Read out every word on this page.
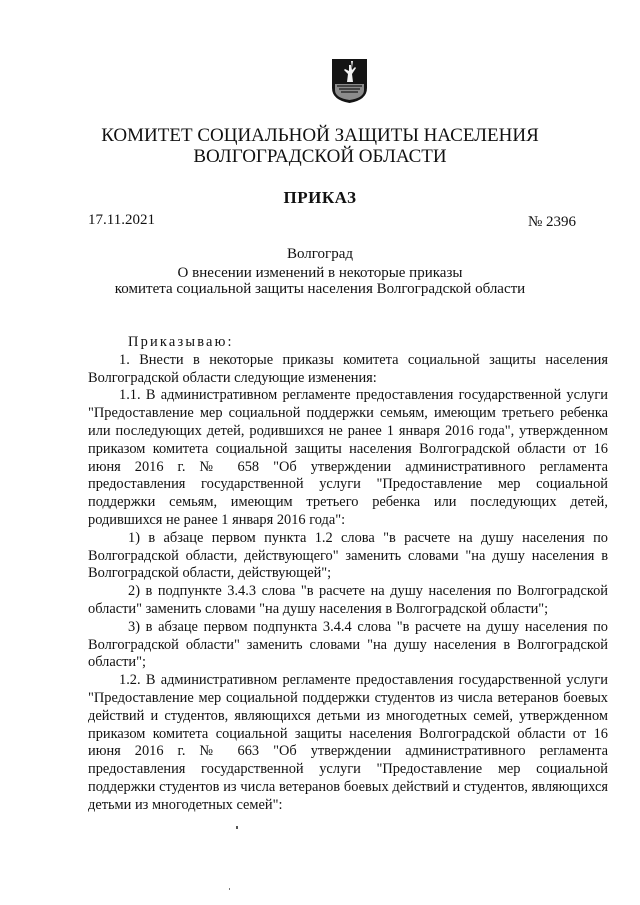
КОМИТЕТ СОЦИАЛЬНОЙ ЗАЩИТЫ НАСЕЛЕНИЯ
ВОЛГОГРАДСКОЙ ОБЛАСТИ
ПРИКАЗ
17.11.2021	№ 2396
Волгоград
О внесении изменений в некоторые приказы
комитета социальной защиты населения Волгоградской области

Приказываю:

1. Внести в некоторые приказы комитета социальной защиты населения Волгоградской области следующие изменения:

1.1. В административном регламенте предоставления государственной услуги "Предоставление мер социальной поддержки семьям, имеющим третьего ребенка или последующих детей, родившихся не ранее 1 января 2016 года", утвержденном приказом комитета социальной защиты населения Волгоградской области от 16 июня 2016 г. № 658 "Об утверждении административного регламента предоставления государственной услуги "Предоставление мер социальной поддержки семьям, имеющим третьего ребенка или последующих детей, родившихся не ранее 1 января 2016 года":

1) в абзаце первом пункта 1.2 слова "в расчете на душу населения по Волгоградской области, действующего" заменить словами "на душу населения в Волгоградской области, действующей";

2) в подпункте 3.4.3 слова "в расчете на душу населения по Волгоградской области" заменить словами "на душу населения в Волгоградской области";

3) в абзаце первом подпункта 3.4.4 слова "в расчете на душу населения по Волгоградской области" заменить словами "на душу населения в Волгоградской области";

1.2. В административном регламенте предоставления государственной услуги "Предоставление мер социальной поддержки студентов из числа ветеранов боевых действий и студентов, являющихся детьми из многодетных семей, утвержденном приказом комитета социальной защиты населения Волгоградской области от 16 июня 2016 г. № 663 "Об утверждении административного регламента предоставления государственной услуги "Предоставление мер социальной поддержки студентов из числа ветеранов боевых действий и студентов, являющихся детьми из многодетных семей":
